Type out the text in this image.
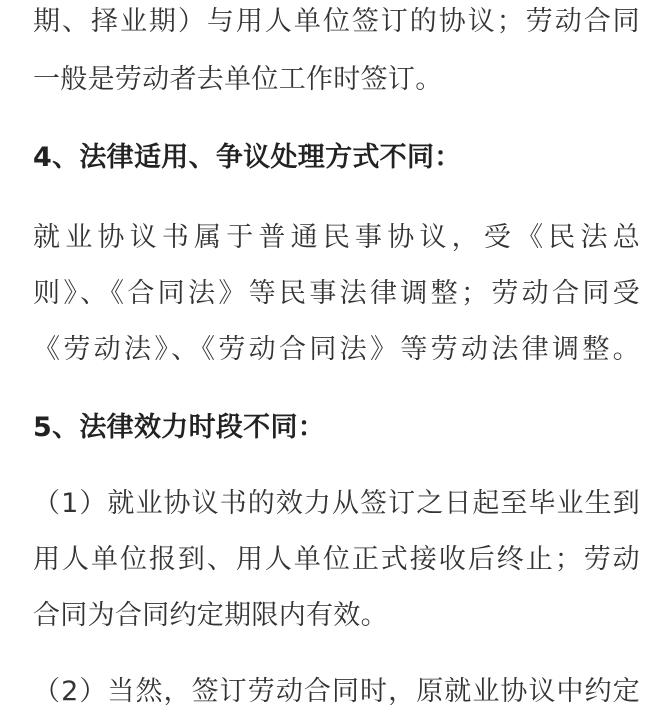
期、择业期）与用人单位签订的协议；劳动合同
一般是劳动者去单位工作时签订。
4、法律适用、争议处理方式不同：
就业协议书属于普通民事协议，受《民法总
则》、《合同法》等民事法律调整；劳动合同受
《劳动法》、《劳动合同法》等劳动法律调整。
5、法律效力时段不同：
（1）就业协议书的效力从签订之日起至毕业生到
用人单位报到、用人单位正式接收后终止；劳动
合同为合同约定期限内有效。
（2）当然，签订劳动合同时，原就业协议中约定
